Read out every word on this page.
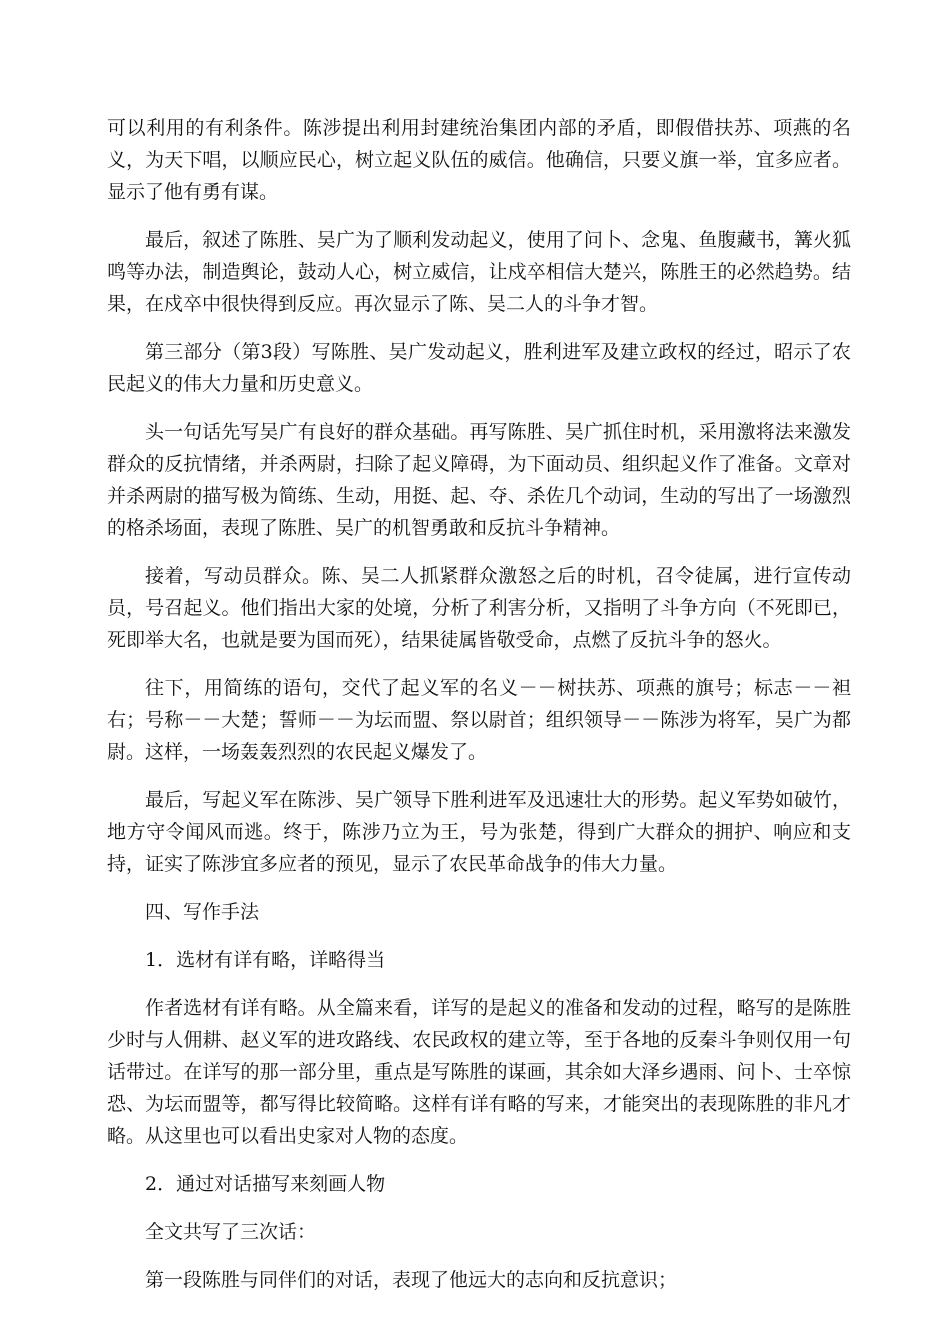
可以利用的有利条件。陈涉提出利用封建统治集团内部的矛盾，即假借扶苏、项燕的名义，为天下唱，以顺应民心，树立起义队伍的威信。他确信，只要义旗一举，宜多应者。显示了他有勇有谋。

最后，叙述了陈胜、吴广为了顺利发动起义，使用了问卜、念鬼、鱼腹藏书，篝火狐鸣等办法，制造舆论，鼓动人心，树立威信，让戍卒相信大楚兴，陈胜王的必然趋势。结果，在戍卒中很快得到反应。再次显示了陈、吴二人的斗争才智。

第三部分（第3段）写陈胜、吴广发动起义，胜利进军及建立政权的经过，昭示了农民起义的伟大力量和历史意义。

头一句话先写吴广有良好的群众基础。再写陈胜、吴广抓住时机，采用激将法来激发群众的反抗情绪，并杀两尉，扫除了起义障碍，为下面动员、组织起义作了准备。文章对并杀两尉的描写极为简练、生动，用挺、起、夺、杀佐几个动词，生动的写出了一场激烈的格杀场面，表现了陈胜、吴广的机智勇敢和反抗斗争精神。

接着，写动员群众。陈、吴二人抓紧群众激怒之后的时机，召令徒属，进行宣传动员，号召起义。他们指出大家的处境，分析了利害分析，又指明了斗争方向（不死即已，死即举大名，也就是要为国而死），结果徒属皆敬受命，点燃了反抗斗争的怒火。

往下，用简练的语句，交代了起义军的名义－－树扶苏、项燕的旗号；标志－－袒右；号称－－大楚；誓师－－为坛而盟、祭以尉首；组织领导－－陈涉为将军，吴广为都尉。这样，一场轰轰烈烈的农民起义爆发了。

最后，写起义军在陈涉、吴广领导下胜利进军及迅速壮大的形势。起义军势如破竹，地方守令闻风而逃。终于，陈涉乃立为王，号为张楚，得到广大群众的拥护、响应和支持，证实了陈涉宜多应者的预见，显示了农民革命战争的伟大力量。

四、写作手法

1．选材有详有略，详略得当

作者选材有详有略。从全篇来看，详写的是起义的准备和发动的过程，略写的是陈胜少时与人佣耕、赵义军的进攻路线、农民政权的建立等，至于各地的反秦斗争则仅用一句话带过。在详写的那一部分里，重点是写陈胜的谋画，其余如大泽乡遇雨、问卜、士卒惊恐、为坛而盟等，都写得比较简略。这样有详有略的写来，才能突出的表现陈胜的非凡才略。从这里也可以看出史家对人物的态度。

2．通过对话描写来刻画人物

全文共写了三次话：

第一段陈胜与同伴们的对话，表现了他远大的志向和反抗意识；
